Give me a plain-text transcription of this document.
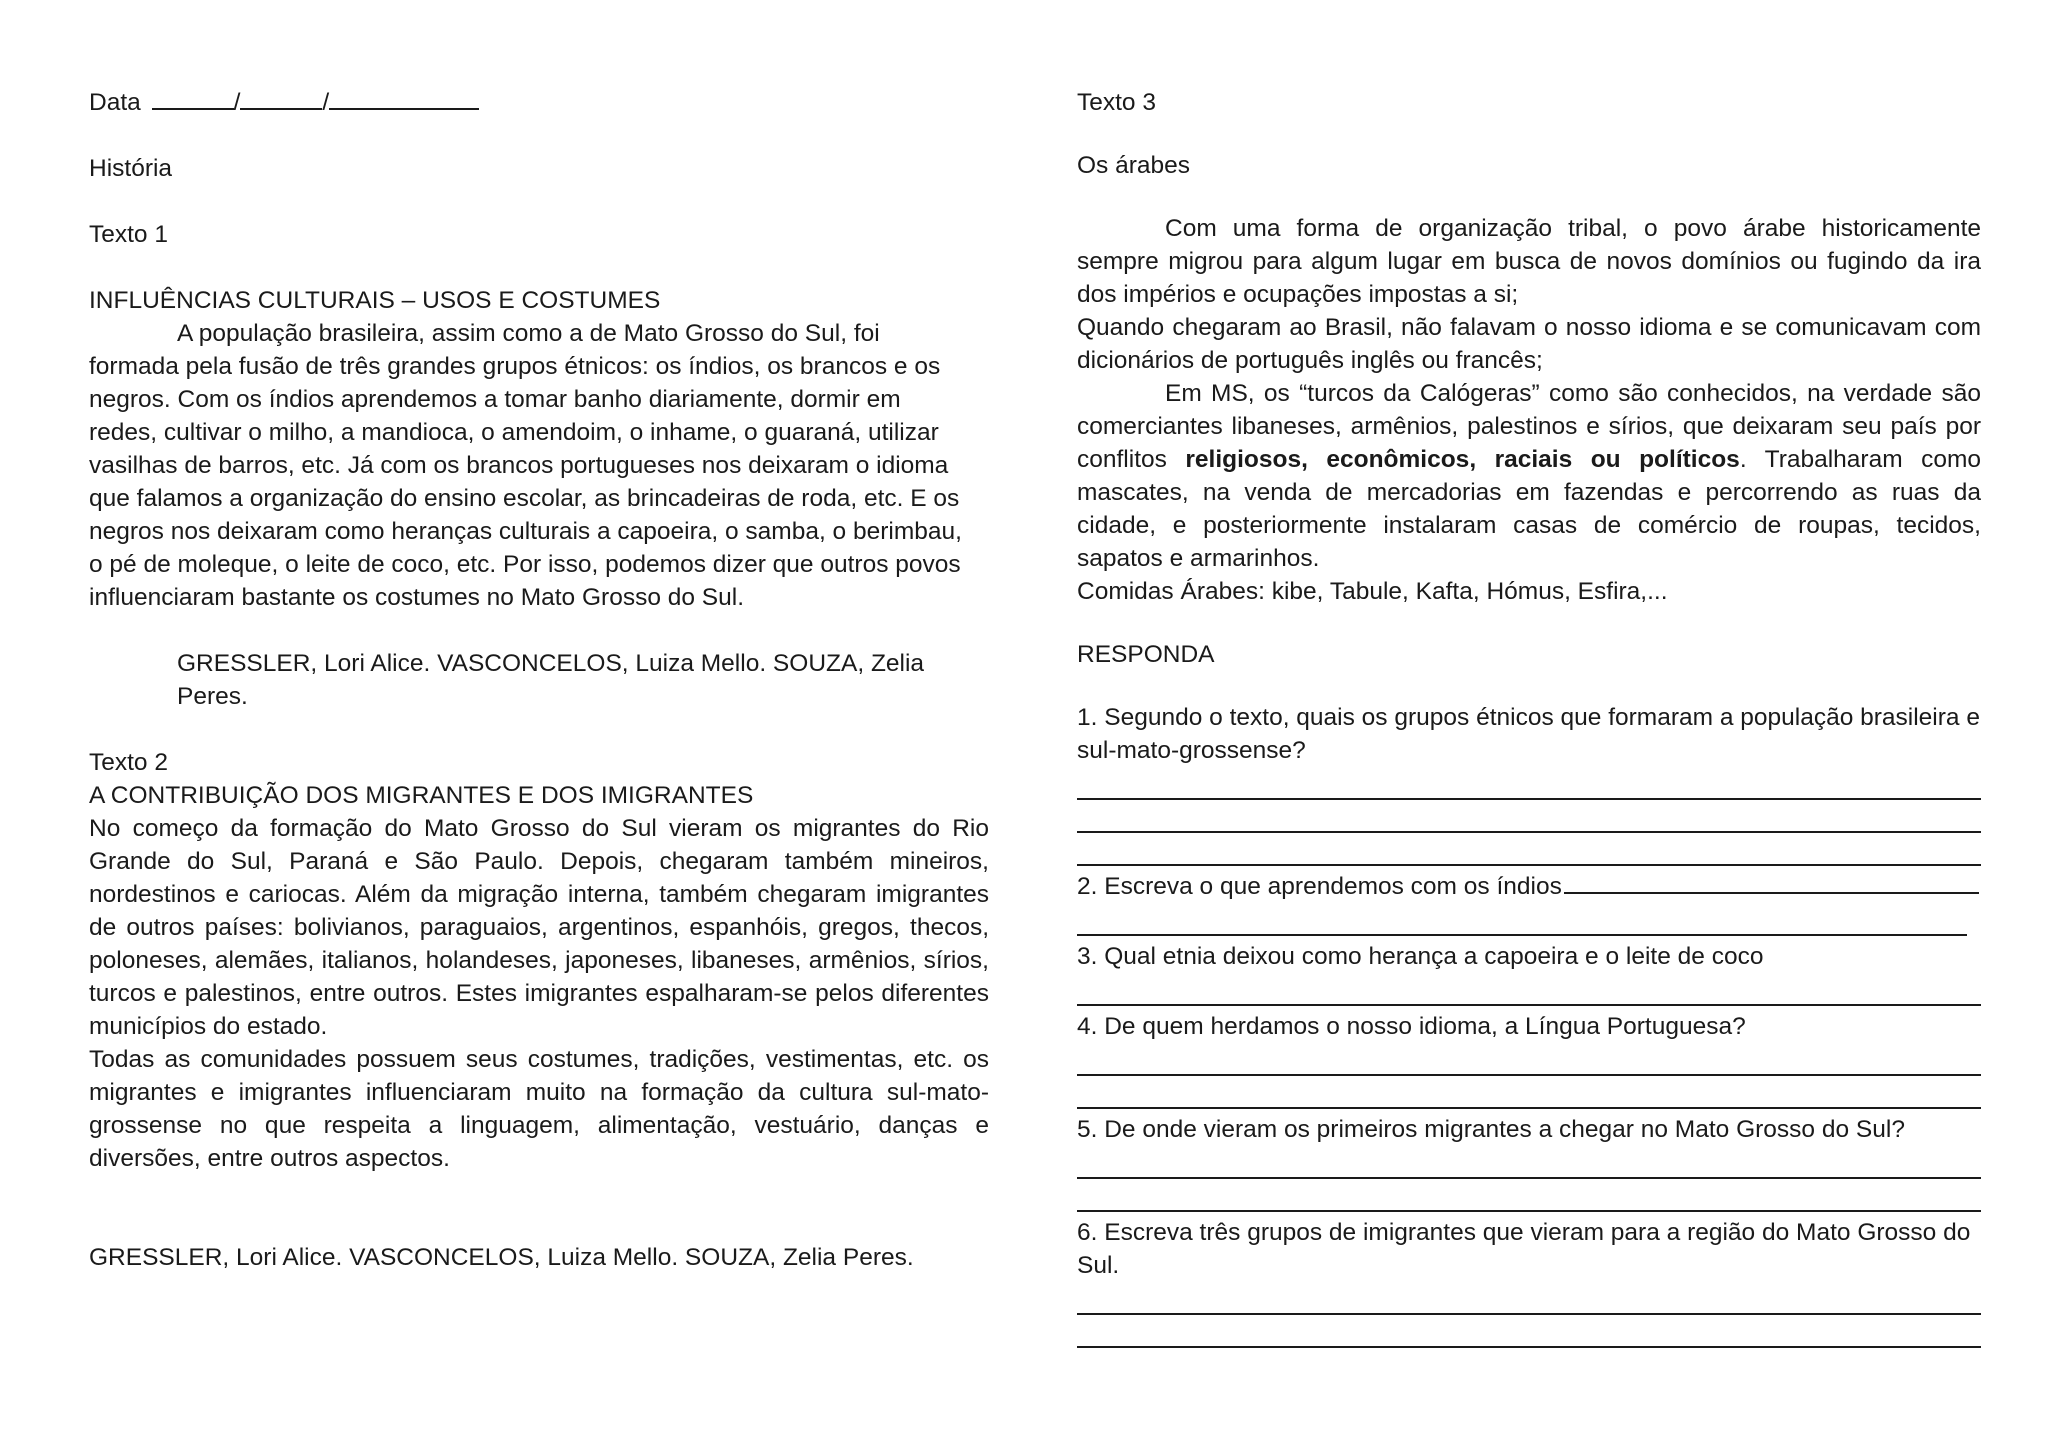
Data	/	/

História

Texto 1

INFLUÊNCIAS CULTURAIS – USOS E COSTUMES

A população brasileira, assim como a de Mato Grosso do Sul, foi formada pela fusão de três grandes grupos étnicos: os índios, os brancos e os negros. Com os índios aprendemos a tomar banho diariamente, dormir em redes, cultivar o milho, a mandioca, o amendoim, o inhame, o guaraná, utilizar vasilhas de barros, etc. Já com os brancos portugueses nos deixaram o idioma que falamos a organização do ensino escolar, as brincadeiras de roda, etc. E os negros nos deixaram como heranças culturais a capoeira, o samba, o berimbau, o pé de moleque, o leite de coco, etc. Por isso, podemos dizer que outros povos influenciaram bastante os costumes no Mato Grosso do Sul.

GRESSLER, Lori Alice. VASCONCELOS, Luiza Mello. SOUZA, Zelia Peres.

Texto 2

A CONTRIBUIÇÃO DOS MIGRANTES E DOS IMIGRANTES

No começo da formação do Mato Grosso do Sul vieram os migrantes do Rio Grande do Sul, Paraná e São Paulo. Depois, chegaram também mineiros, nordestinos e cariocas. Além da migração interna, também chegaram imigrantes de outros países: bolivianos, paraguaios, argentinos, espanhóis, gregos, thecos, poloneses, alemães, italianos, holandeses, japoneses, libaneses, armênios, sírios, turcos e palestinos, entre outros. Estes imigrantes espalharam-se pelos diferentes municípios do estado.

Todas as comunidades possuem seus costumes, tradições, vestimentas, etc. os migrantes e imigrantes influenciaram muito na formação da cultura sul-mato-grossense no que respeita a linguagem, alimentação, vestuário, danças e diversões, entre outros aspectos.

GRESSLER, Lori Alice. VASCONCELOS, Luiza Mello. SOUZA, Zelia Peres.

Texto 3

Os árabes

Com uma forma de organização tribal, o povo árabe historicamente sempre migrou para algum lugar em busca de novos domínios ou fugindo da ira dos impérios e ocupações impostas a si;

Quando chegaram ao Brasil, não falavam o nosso idioma e se comunicavam com dicionários de português inglês ou francês;

Em MS, os “turcos da Calógeras” como são conhecidos, na verdade são comerciantes libaneses, armênios, palestinos e sírios, que deixaram seu país por conflitos religiosos, econômicos, raciais ou políticos. Trabalharam como mascates, na venda de mercadorias em fazendas e percorrendo as ruas da cidade, e posteriormente instalaram casas de comércio de roupas, tecidos, sapatos e armarinhos.

Comidas Árabes: kibe, Tabule, Kafta, Hómus, Esfira,...

RESPONDA

1. Segundo o texto, quais os grupos étnicos que formaram a população brasileira e sul-mato-grossense?

2. Escreva o que aprendemos com os índios

3. Qual etnia deixou como herança a capoeira e o leite de coco

4. De quem herdamos o nosso idioma, a Língua Portuguesa?

5. De onde vieram os primeiros migrantes a chegar no Mato Grosso do Sul?

6. Escreva três grupos de imigrantes que vieram para a região do Mato Grosso do Sul.
